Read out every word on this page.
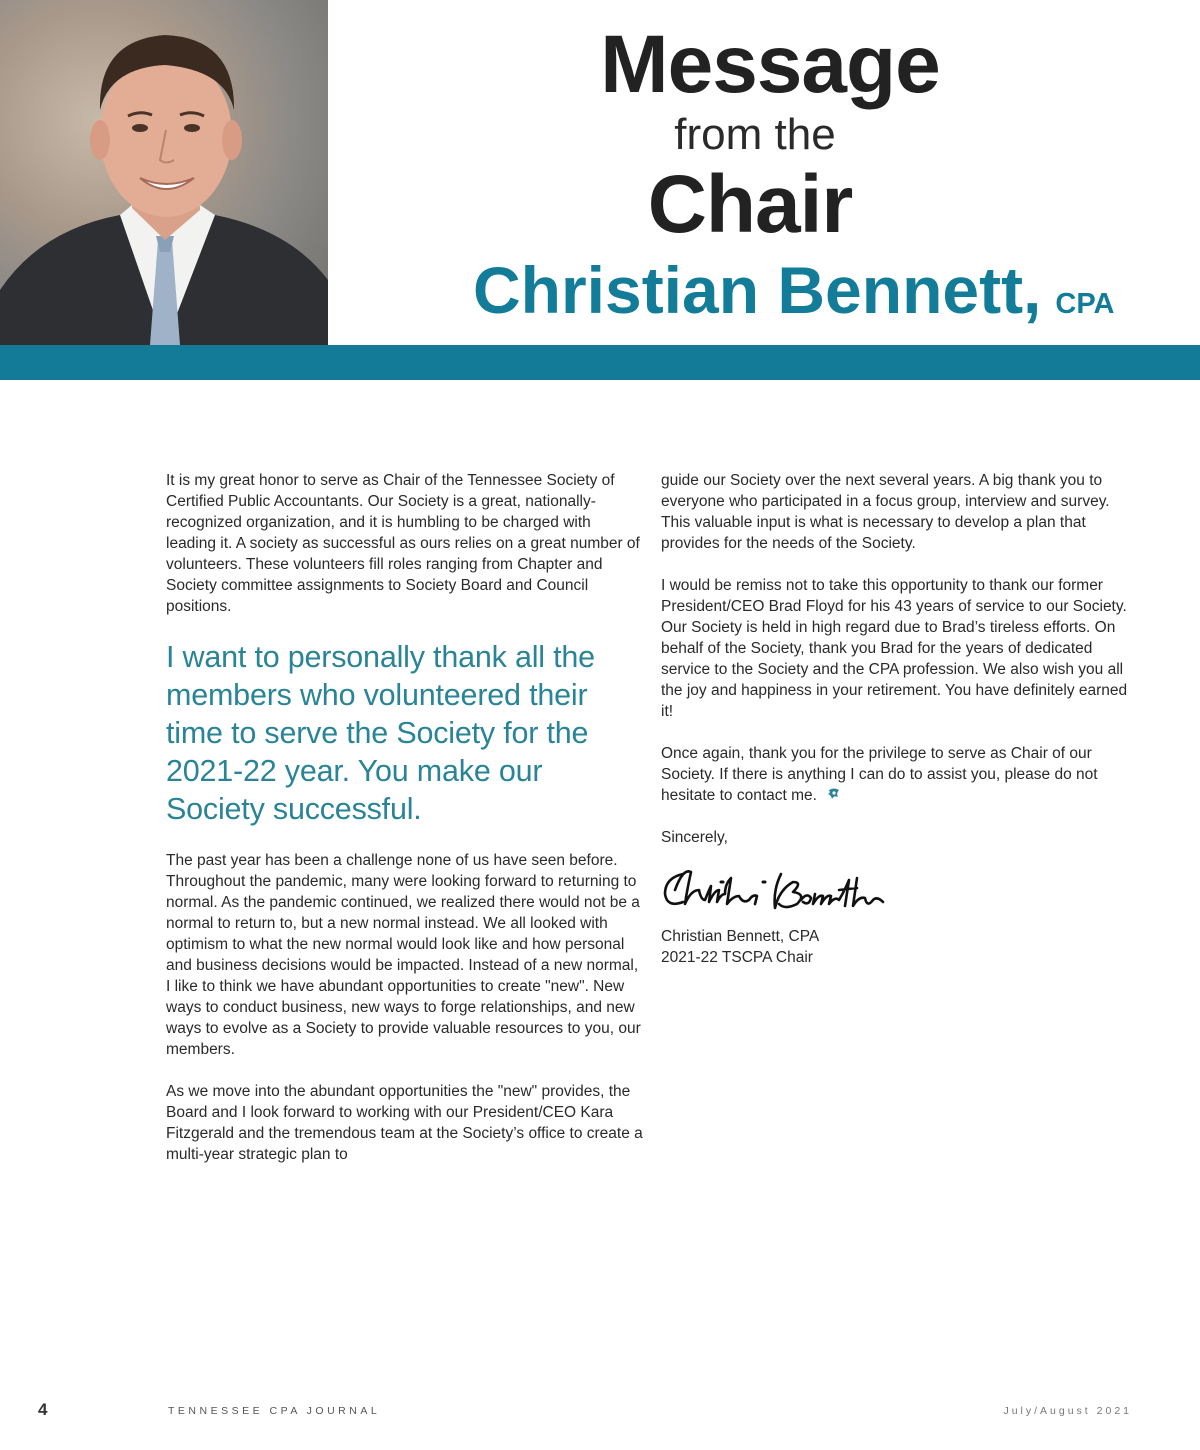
Message
from the
Chair
Christian Bennett, CPA

It is my great honor to serve as Chair of the Tennessee Society of Certified Public Accountants. Our Society is a great, nationally-recognized organization, and it is humbling to be charged with leading it. A society as successful as ours relies on a great number of volunteers. These volunteers fill roles ranging from Chapter and Society committee assignments to Society Board and Council positions.

I want to personally thank all the members who volunteered their time to serve the Society for the 2021-22 year. You make our Society successful.

The past year has been a challenge none of us have seen before. Throughout the pandemic, many were looking forward to returning to normal. As the pandemic continued, we realized there would not be a normal to return to, but a new normal instead. We all looked with optimism to what the new normal would look like and how personal and business decisions would be impacted. Instead of a new normal, I like to think we have abundant opportunities to create "new". New ways to conduct business, new ways to forge relationships, and new ways to evolve as a Society to provide valuable resources to you, our members.

As we move into the abundant opportunities the "new" provides, the Board and I look forward to working with our President/CEO Kara Fitzgerald and the tremendous team at the Society’s office to create a multi-year strategic plan to

guide our Society over the next several years. A big thank you to everyone who participated in a focus group, interview and survey. This valuable input is what is necessary to develop a plan that provides for the needs of the Society.

I would be remiss not to take this opportunity to thank our former President/CEO Brad Floyd for his 43 years of service to our Society. Our Society is held in high regard due to Brad’s tireless efforts. On behalf of the Society, thank you Brad for the years of dedicated service to the Society and the CPA profession. We also wish you all the joy and happiness in your retirement. You have definitely earned it!

Once again, thank you for the privilege to serve as Chair of our Society. If there is anything I can do to assist you, please do not hesitate to contact me.

Sincerely,

Christian Bennett, CPA
2021-22 TSCPA Chair
4	TENNESSEE CPA JOURNAL	July/August 2021
